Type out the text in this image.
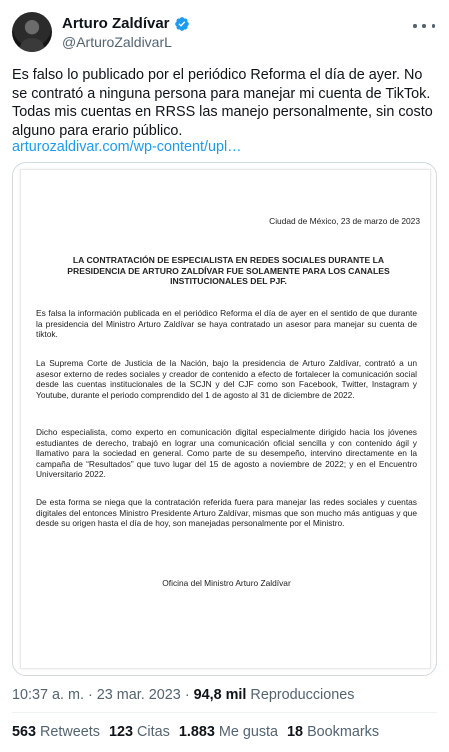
Arturo Zaldívar
@ArturoZaldivarL
Es falso lo publicado por el periódico Reforma el día de ayer. No se contrató a ninguna persona para manejar mi cuenta de TikTok. Todas mis cuentas en RRSS las manejo personalmente, sin costo alguno para erario público.
arturozaldivar.com/wp-content/upl…
Ciudad de México, 23 de marzo de 2023
LA CONTRATACIÓN DE ESPECIALISTA EN REDES SOCIALES DURANTE LA PRESIDENCIA DE ARTURO ZALDÍVAR FUE SOLAMENTE PARA LOS CANALES INSTITUCIONALES DEL PJF.
Es falsa la información publicada en el periódico Reforma el día de ayer en el sentido de que durante la presidencia del Ministro Arturo Zaldívar se haya contratado un asesor para manejar su cuenta de tiktok.
La Suprema Corte de Justicia de la Nación, bajo la presidencia de Arturo Zaldívar, contrató a un asesor externo de redes sociales y creador de contenido a efecto de fortalecer la comunicación social desde las cuentas institucionales de la SCJN y del CJF como son Facebook, Twitter, Instagram y Youtube, durante el periodo comprendido del 1 de agosto al 31 de diciembre de 2022.
Dicho especialista, como experto en comunicación digital especialmente dirigido hacia los jóvenes estudiantes de derecho, trabajó en lograr una comunicación oficial sencilla y con contenido ágil y llamativo para la sociedad en general. Como parte de su desempeño, intervino directamente en la campaña de “Resultados” que tuvo lugar del 15 de agosto a noviembre de 2022; y en el Encuentro Universitario 2022.
De esta forma se niega que la contratación referida fuera para manejar las redes sociales y cuentas digitales del entonces Ministro Presidente Arturo Zaldívar, mismas que son mucho más antiguas y que desde su origen hasta el día de hoy, son manejadas personalmente por el Ministro.
Oficina del Ministro Arturo Zaldívar
10:37 a. m. · 23 mar. 2023 · 94,8 mil Reproducciones
563 Retweets 123 Citas 1.883 Me gusta 18 Bookmarks
